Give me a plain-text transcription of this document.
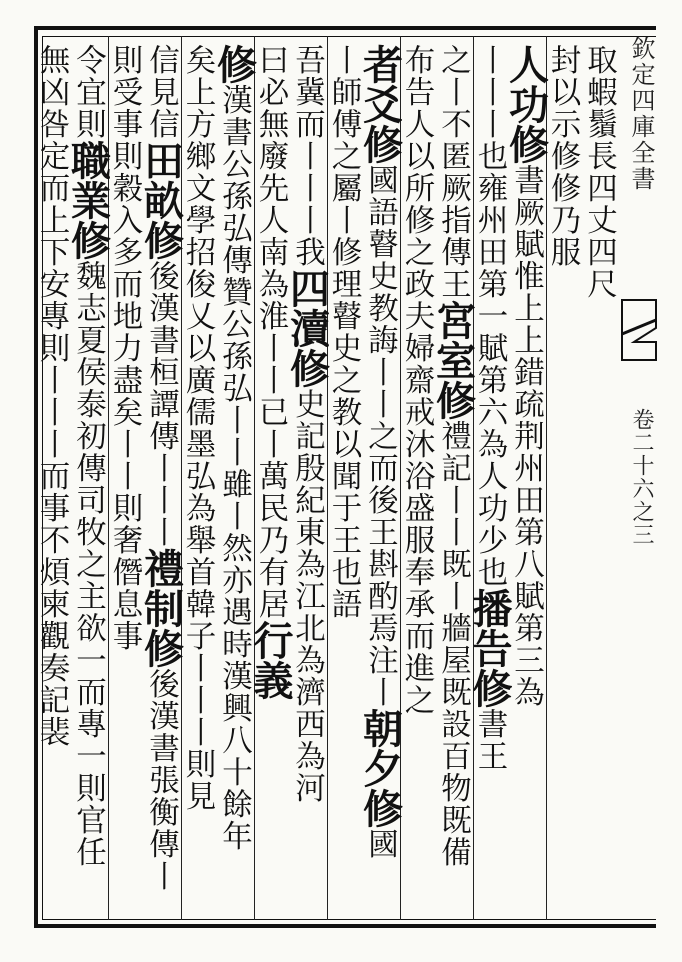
取蝦鬚長四丈四尺
封以示修修乃服
人功修書厥賦惟上上錯疏荆州田第八賦第三為
丨丨丨也雍州田第一賦第六為人功少也播告修書王
之丨不匿厥指傳王宮室修禮記丨丨既丨牆屋既設百物既備
布告人以所修之政夫婦齋戒沐浴盛服奉承而進之
者爻修國語瞽史教誨丨丨之而後王斟酌焉注丨朝夕修國
丨師傅之屬丨修理瞽史之教以聞于王也語
吾冀而丨丨丨我四瀆修史記殷紀東為江北為濟西為河
曰必無廢先人南為淮丨丨已丨萬民乃有居行義
修漢書公孫弘傳贊公孫弘丨丨雖丨然亦遇時漢興八十餘年
矣上方鄉文學招俊乂以廣儒墨弘為舉首韓子丨丨丨則見
信見信田畝修後漢書桓譚傳丨丨丨禮制修後漢書張衡傳丨
則受事則穀入多而地力盡矣丨丨則奢僭息事
令宜則職業修魏志夏侯泰初傳司牧之主欲一而專一則官任
無凶咎定而上下安專則丨丨丨而事不煩柬觀奏記裴
欽定四庫全書
卷二十六之三
